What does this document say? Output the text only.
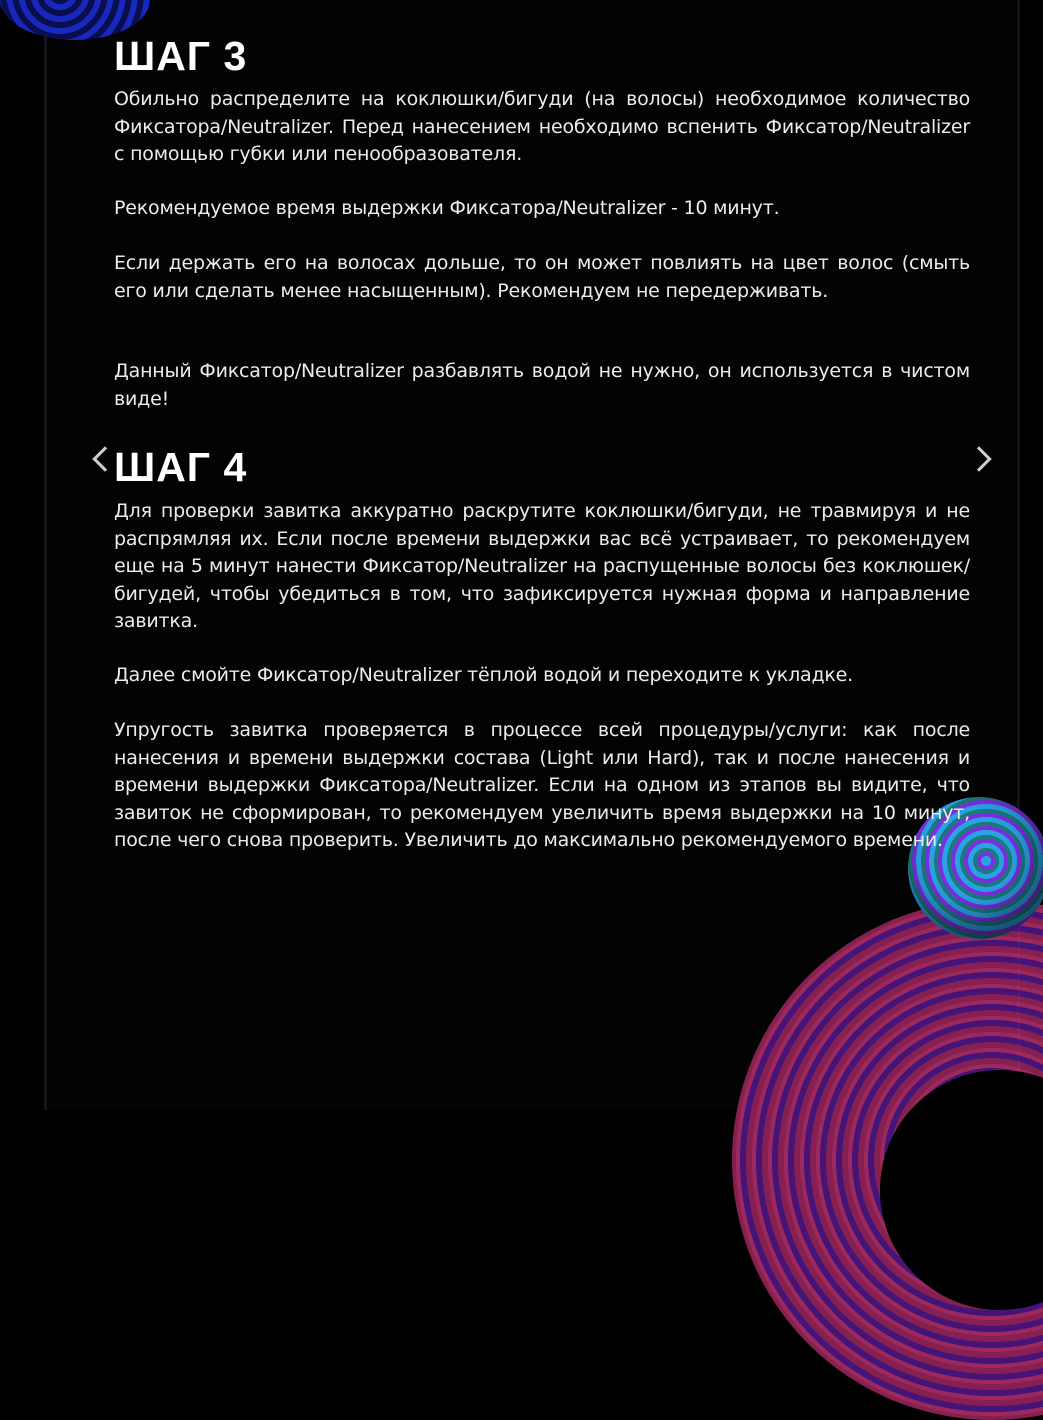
ШАГ 3
Обильно распределите на коклюшки/бигуди (на волосы) необходимое количество Фиксатора/Neutralizer. Перед нанесением необходимо вспенить Фиксатор/Neutralizer с помощью губки или пенообразователя.
Рекомендуемое время выдержки Фиксатора/Neutralizer - 10 минут.
Если держать его на волосах дольше, то он может повлиять на цвет волос (смыть его или сделать менее насыщенным). Рекомендуем не передерживать.
Данный Фиксатор/Neutralizer разбавлять водой не нужно, он используется в чистом виде!
ШАГ 4
Для проверки завитка аккуратно раскрутите коклюшки/бигуди, не травмируя и не распрямляя их. Если после времени выдержки вас всё устраивает, то рекомендуем еще на 5 минут нанести Фиксатор/Neutralizer на распущенные волосы без коклюшек/бигудей, чтобы убедиться в том, что зафиксируется нужная форма и направление завитка.
Далее смойте Фиксатор/Neutralizer тёплой водой и переходите к укладке.
Упругость завитка проверяется в процессе всей процедуры/услуги: как после нанесения и времени выдержки состава (Light или Hard), так и после нанесения и времени выдержки Фиксатора/Neutralizer. Если на одном из этапов вы видите, что завиток не сформирован, то рекомендуем увеличить время выдержки на 10 минут, после чего снова проверить. Увеличить до максимально рекомендуемого времени.
